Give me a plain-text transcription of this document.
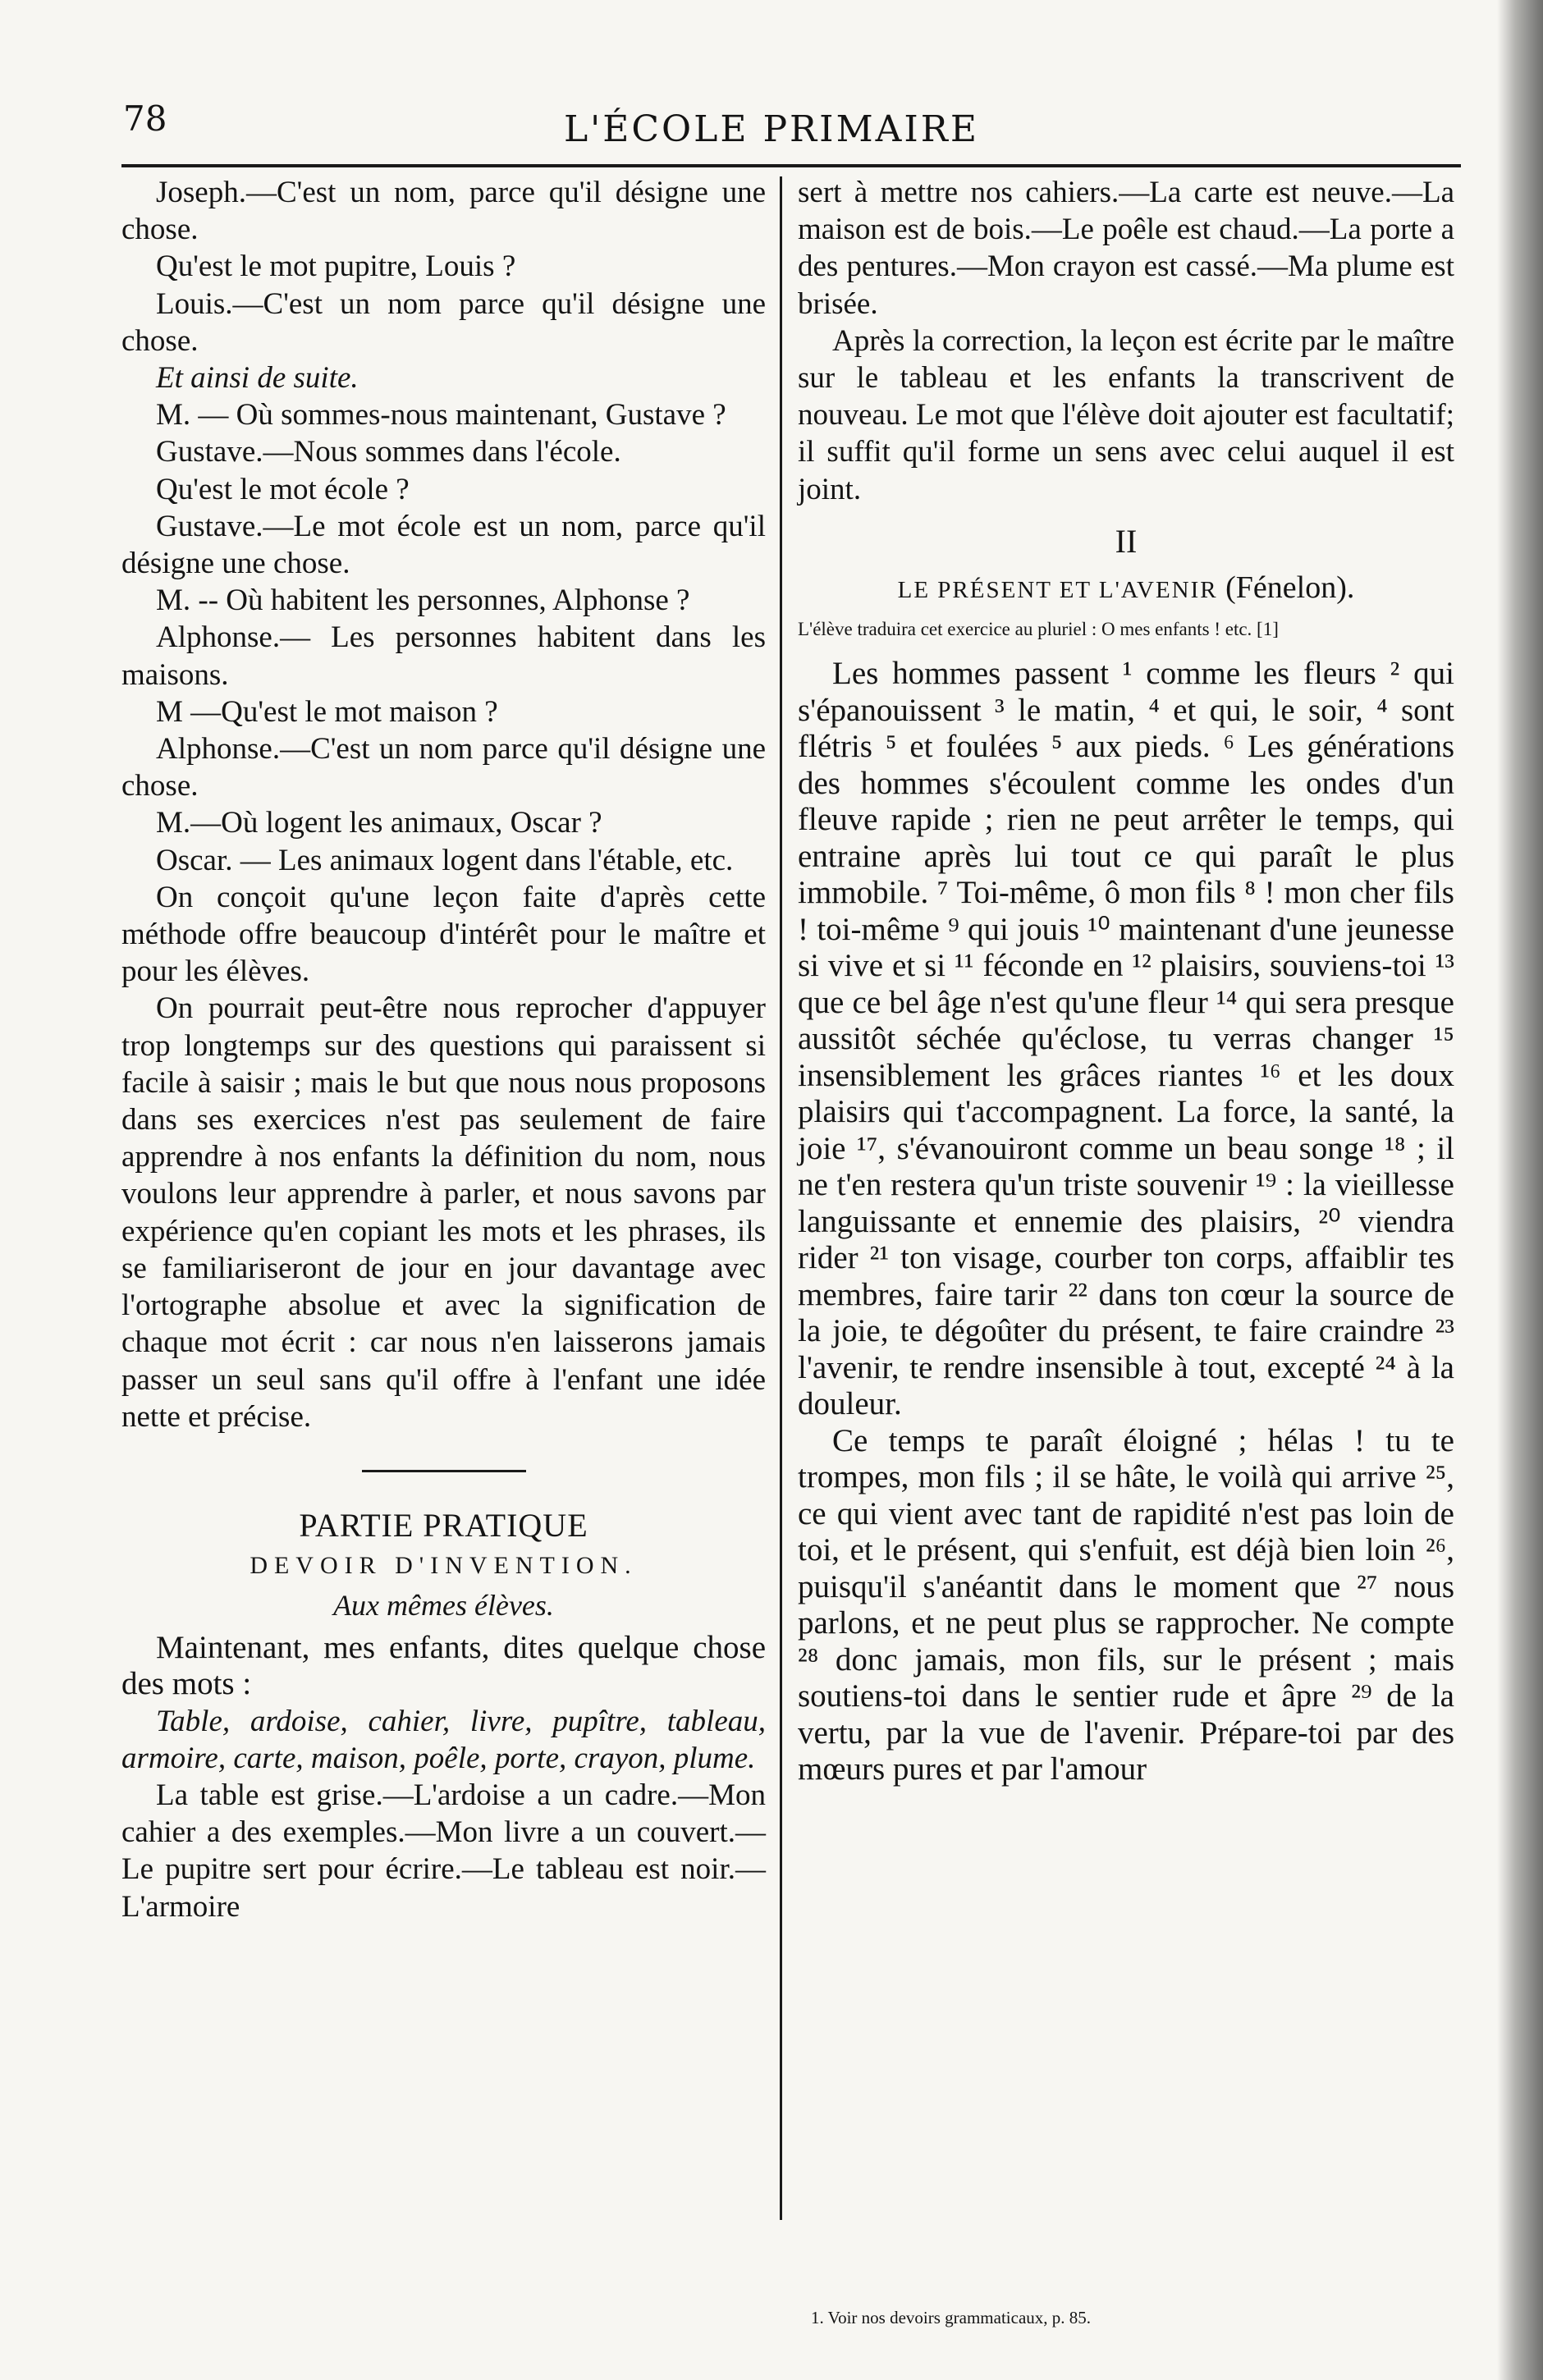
78	L'ÉCOLE PRIMAIRE

Joseph.—C'est un nom, parce qu'il désigne une chose.

Qu'est le mot pupitre, Louis ?

Louis.—C'est un nom parce qu'il désigne une chose.

Et ainsi de suite.

M. — Où sommes-nous maintenant, Gustave ?

Gustave.—Nous sommes dans l'école.

Qu'est le mot école ?

Gustave.—Le mot école est un nom, parce qu'il désigne une chose.

M. -- Où habitent les personnes, Alphonse ?

Alphonse.— Les personnes habitent dans les maisons.

M —Qu'est le mot maison ?

Alphonse.—C'est un nom parce qu'il désigne une chose.

M.—Où logent les animaux, Oscar ?

Oscar. — Les animaux logent dans l'étable, etc.

On conçoit qu'une leçon faite d'après cette méthode offre beaucoup d'intérêt pour le maître et pour les élèves.

On pourrait peut-être nous reprocher d'appuyer trop longtemps sur des questions qui paraissent si facile à saisir ; mais le but que nous nous proposons dans ses exercices n'est pas seulement de faire apprendre à nos enfants la définition du nom, nous voulons leur apprendre à parler, et nous savons par expérience qu'en copiant les mots et les phrases, ils se familiariseront de jour en jour davantage avec l'ortographe absolue et avec la signification de chaque mot écrit : car nous n'en laisserons jamais passer un seul sans qu'il offre à l'enfant une idée nette et précise.

PARTIE PRATIQUE

DEVOIR D'INVENTION.

Aux mêmes élèves.

Maintenant, mes enfants, dites quelque chose des mots :

Table, ardoise, cahier, livre, pupître, tableau, armoire, carte, maison, poêle, porte, crayon, plume.

La table est grise.—L'ardoise a un cadre.—Mon cahier a des exemples.—Mon livre a un couvert.—Le pupitre sert pour écrire.—Le tableau est noir.—L'armoire

sert à mettre nos cahiers.—La carte est neuve.—La maison est de bois.—Le poêle est chaud.—La porte a des pentures.—Mon crayon est cassé.—Ma plume est brisée.

Après la correction, la leçon est écrite par le maître sur le tableau et les enfants la transcrivent de nouveau. Le mot que l'élève doit ajouter est facultatif; il suffit qu'il forme un sens avec celui auquel il est joint.

II

LE PRÉSENT ET L'AVENIR (Fénelon).

L'élève traduira cet exercice au pluriel : O mes enfants ! etc. [1]

Les hommes passent ¹ comme les fleurs ² qui s'épanouissent ³ le matin, ⁴ et qui, le soir, ⁴ sont flétris ⁵ et foulées ⁵ aux pieds. ⁶ Les générations des hommes s'écoulent comme les ondes d'un fleuve rapide ; rien ne peut arrêter le temps, qui entraine après lui tout ce qui paraît le plus immobile. ⁷ Toi-même, ô mon fils ⁸ ! mon cher fils ! toi-même ⁹ qui jouis ¹⁰ maintenant d'une jeunesse si vive et si ¹¹ féconde en ¹² plaisirs, souviens-toi ¹³ que ce bel âge n'est qu'une fleur ¹⁴ qui sera presque aussitôt séchée qu'éclose, tu verras changer ¹⁵ insensiblement les grâces riantes ¹⁶ et les doux plaisirs qui t'accompagnent. La force, la santé, la joie ¹⁷, s'évanouiront comme un beau songe ¹⁸ ; il ne t'en restera qu'un triste souvenir ¹⁹ : la vieillesse languissante et ennemie des plaisirs, ²⁰ viendra rider ²¹ ton visage, courber ton corps, affaiblir tes membres, faire tarir ²² dans ton cœur la source de la joie, te dégoûter du présent, te faire craindre ²³ l'avenir, te rendre insensible à tout, excepté ²⁴ à la douleur.

Ce temps te paraît éloigné ; hélas ! tu te trompes, mon fils ; il se hâte, le voilà qui arrive ²⁵, ce qui vient avec tant de rapidité n'est pas loin de toi, et le présent, qui s'enfuit, est déjà bien loin ²⁶, puisqu'il s'anéantit dans le moment que ²⁷ nous parlons, et ne peut plus se rapprocher. Ne compte ²⁸ donc jamais, mon fils, sur le présent ; mais soutiens-toi dans le sentier rude et âpre ²⁹ de la vertu, par la vue de l'avenir. Prépare-toi par des mœurs pures et par l'amour

1. Voir nos devoirs grammaticaux, p. 85.
